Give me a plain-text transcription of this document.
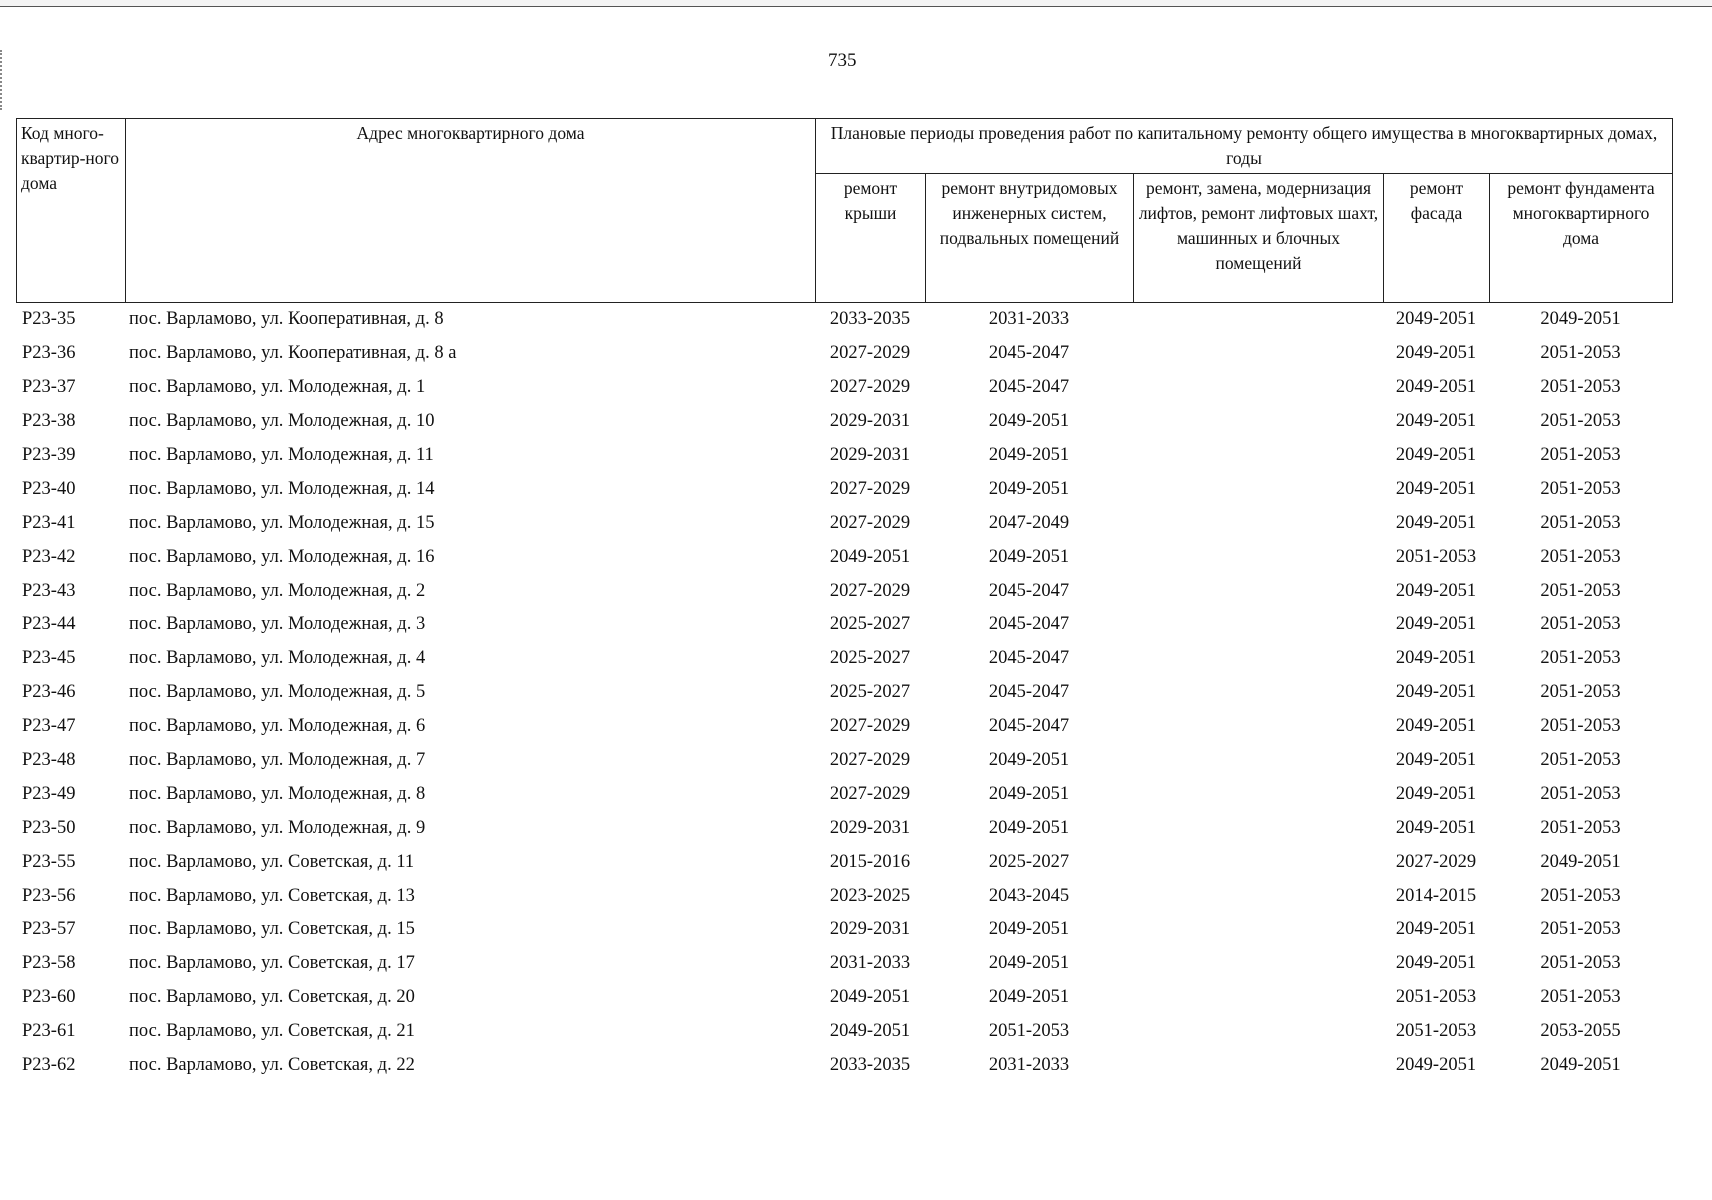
735
Код много-квартир-ного дома	Адрес многоквартирного дома	Плановые периоды проведения работ по капитальному ремонту общего имущества в многоквартирных домах, годы				
		ремонт крыши	ремонт внутридомовых инженерных систем, подвальных помещений	ремонт, замена, модернизация лифтов, ремонт лифтовых шахт, машинных и блочных помещений	ремонт фасада	ремонт фундамента многоквартирного дома
Р23-35	пос. Варламово, ул. Кооперативная, д. 8	2033-2035	2031-2033		2049-2051	2049-2051
Р23-36	пос. Варламово, ул. Кооперативная, д. 8 а	2027-2029	2045-2047		2049-2051	2051-2053
Р23-37	пос. Варламово, ул. Молодежная, д. 1	2027-2029	2045-2047		2049-2051	2051-2053
Р23-38	пос. Варламово, ул. Молодежная, д. 10	2029-2031	2049-2051		2049-2051	2051-2053
Р23-39	пос. Варламово, ул. Молодежная, д. 11	2029-2031	2049-2051		2049-2051	2051-2053
Р23-40	пос. Варламово, ул. Молодежная, д. 14	2027-2029	2049-2051		2049-2051	2051-2053
Р23-41	пос. Варламово, ул. Молодежная, д. 15	2027-2029	2047-2049		2049-2051	2051-2053
Р23-42	пос. Варламово, ул. Молодежная, д. 16	2049-2051	2049-2051		2051-2053	2051-2053
Р23-43	пос. Варламово, ул. Молодежная, д. 2	2027-2029	2045-2047		2049-2051	2051-2053
Р23-44	пос. Варламово, ул. Молодежная, д. 3	2025-2027	2045-2047		2049-2051	2051-2053
Р23-45	пос. Варламово, ул. Молодежная, д. 4	2025-2027	2045-2047		2049-2051	2051-2053
Р23-46	пос. Варламово, ул. Молодежная, д. 5	2025-2027	2045-2047		2049-2051	2051-2053
Р23-47	пос. Варламово, ул. Молодежная, д. 6	2027-2029	2045-2047		2049-2051	2051-2053
Р23-48	пос. Варламово, ул. Молодежная, д. 7	2027-2029	2049-2051		2049-2051	2051-2053
Р23-49	пос. Варламово, ул. Молодежная, д. 8	2027-2029	2049-2051		2049-2051	2051-2053
Р23-50	пос. Варламово, ул. Молодежная, д. 9	2029-2031	2049-2051		2049-2051	2051-2053
Р23-55	пос. Варламово, ул. Советская, д. 11	2015-2016	2025-2027		2027-2029	2049-2051
Р23-56	пос. Варламово, ул. Советская, д. 13	2023-2025	2043-2045		2014-2015	2051-2053
Р23-57	пос. Варламово, ул. Советская, д. 15	2029-2031	2049-2051		2049-2051	2051-2053
Р23-58	пос. Варламово, ул. Советская, д. 17	2031-2033	2049-2051		2049-2051	2051-2053
Р23-60	пос. Варламово, ул. Советская, д. 20	2049-2051	2049-2051		2051-2053	2051-2053
Р23-61	пос. Варламово, ул. Советская, д. 21	2049-2051	2051-2053		2051-2053	2053-2055
Р23-62	пос. Варламово, ул. Советская, д. 22	2033-2035	2031-2033		2049-2051	2049-2051
